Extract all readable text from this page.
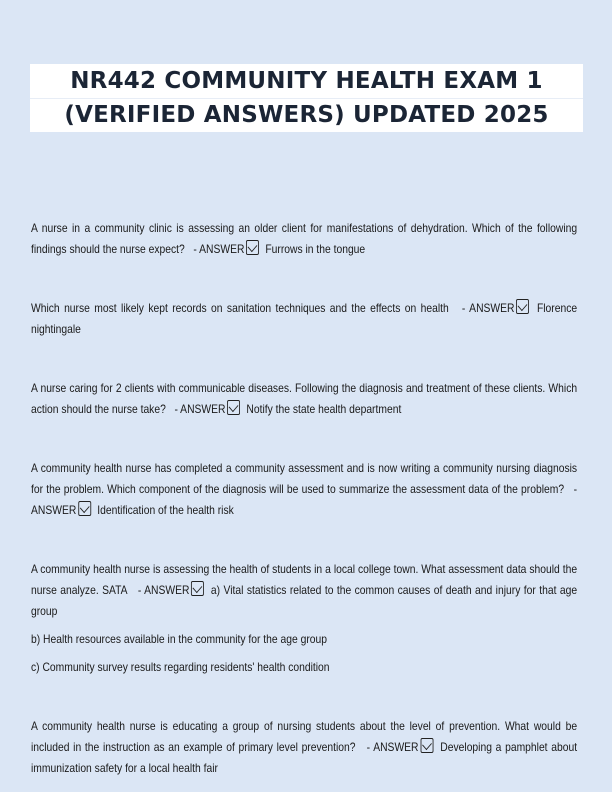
NR442 COMMUNITY HEALTH EXAM 1
(VERIFIED ANSWERS) UPDATED 2025
A nurse in a community clinic is assessing an older client for manifestations of dehydration. Which of the following findings should the nurse expect? - ANSWER Furrows in the tongue
Which nurse most likely kept records on sanitation techniques and the effects on health - ANSWER Florence nightingale
A nurse caring for 2 clients with communicable diseases. Following the diagnosis and treatment of these clients. Which action should the nurse take? - ANSWER Notify the state health department
A community health nurse has completed a community assessment and is now writing a community nursing diagnosis for the problem. Which component of the diagnosis will be used to summarize the assessment data of the problem? - ANSWER Identification of the health risk
A community health nurse is assessing the health of students in a local college town. What assessment data should the nurse analyze. SATA - ANSWER a) Vital statistics related to the common causes of death and injury for that age group
b) Health resources available in the community for the age group
c) Community survey results regarding residents' health condition
A community health nurse is educating a group of nursing students about the level of prevention. What would be included in the instruction as an example of primary level prevention? - ANSWER Developing a pamphlet about immunization safety for a local health fair
